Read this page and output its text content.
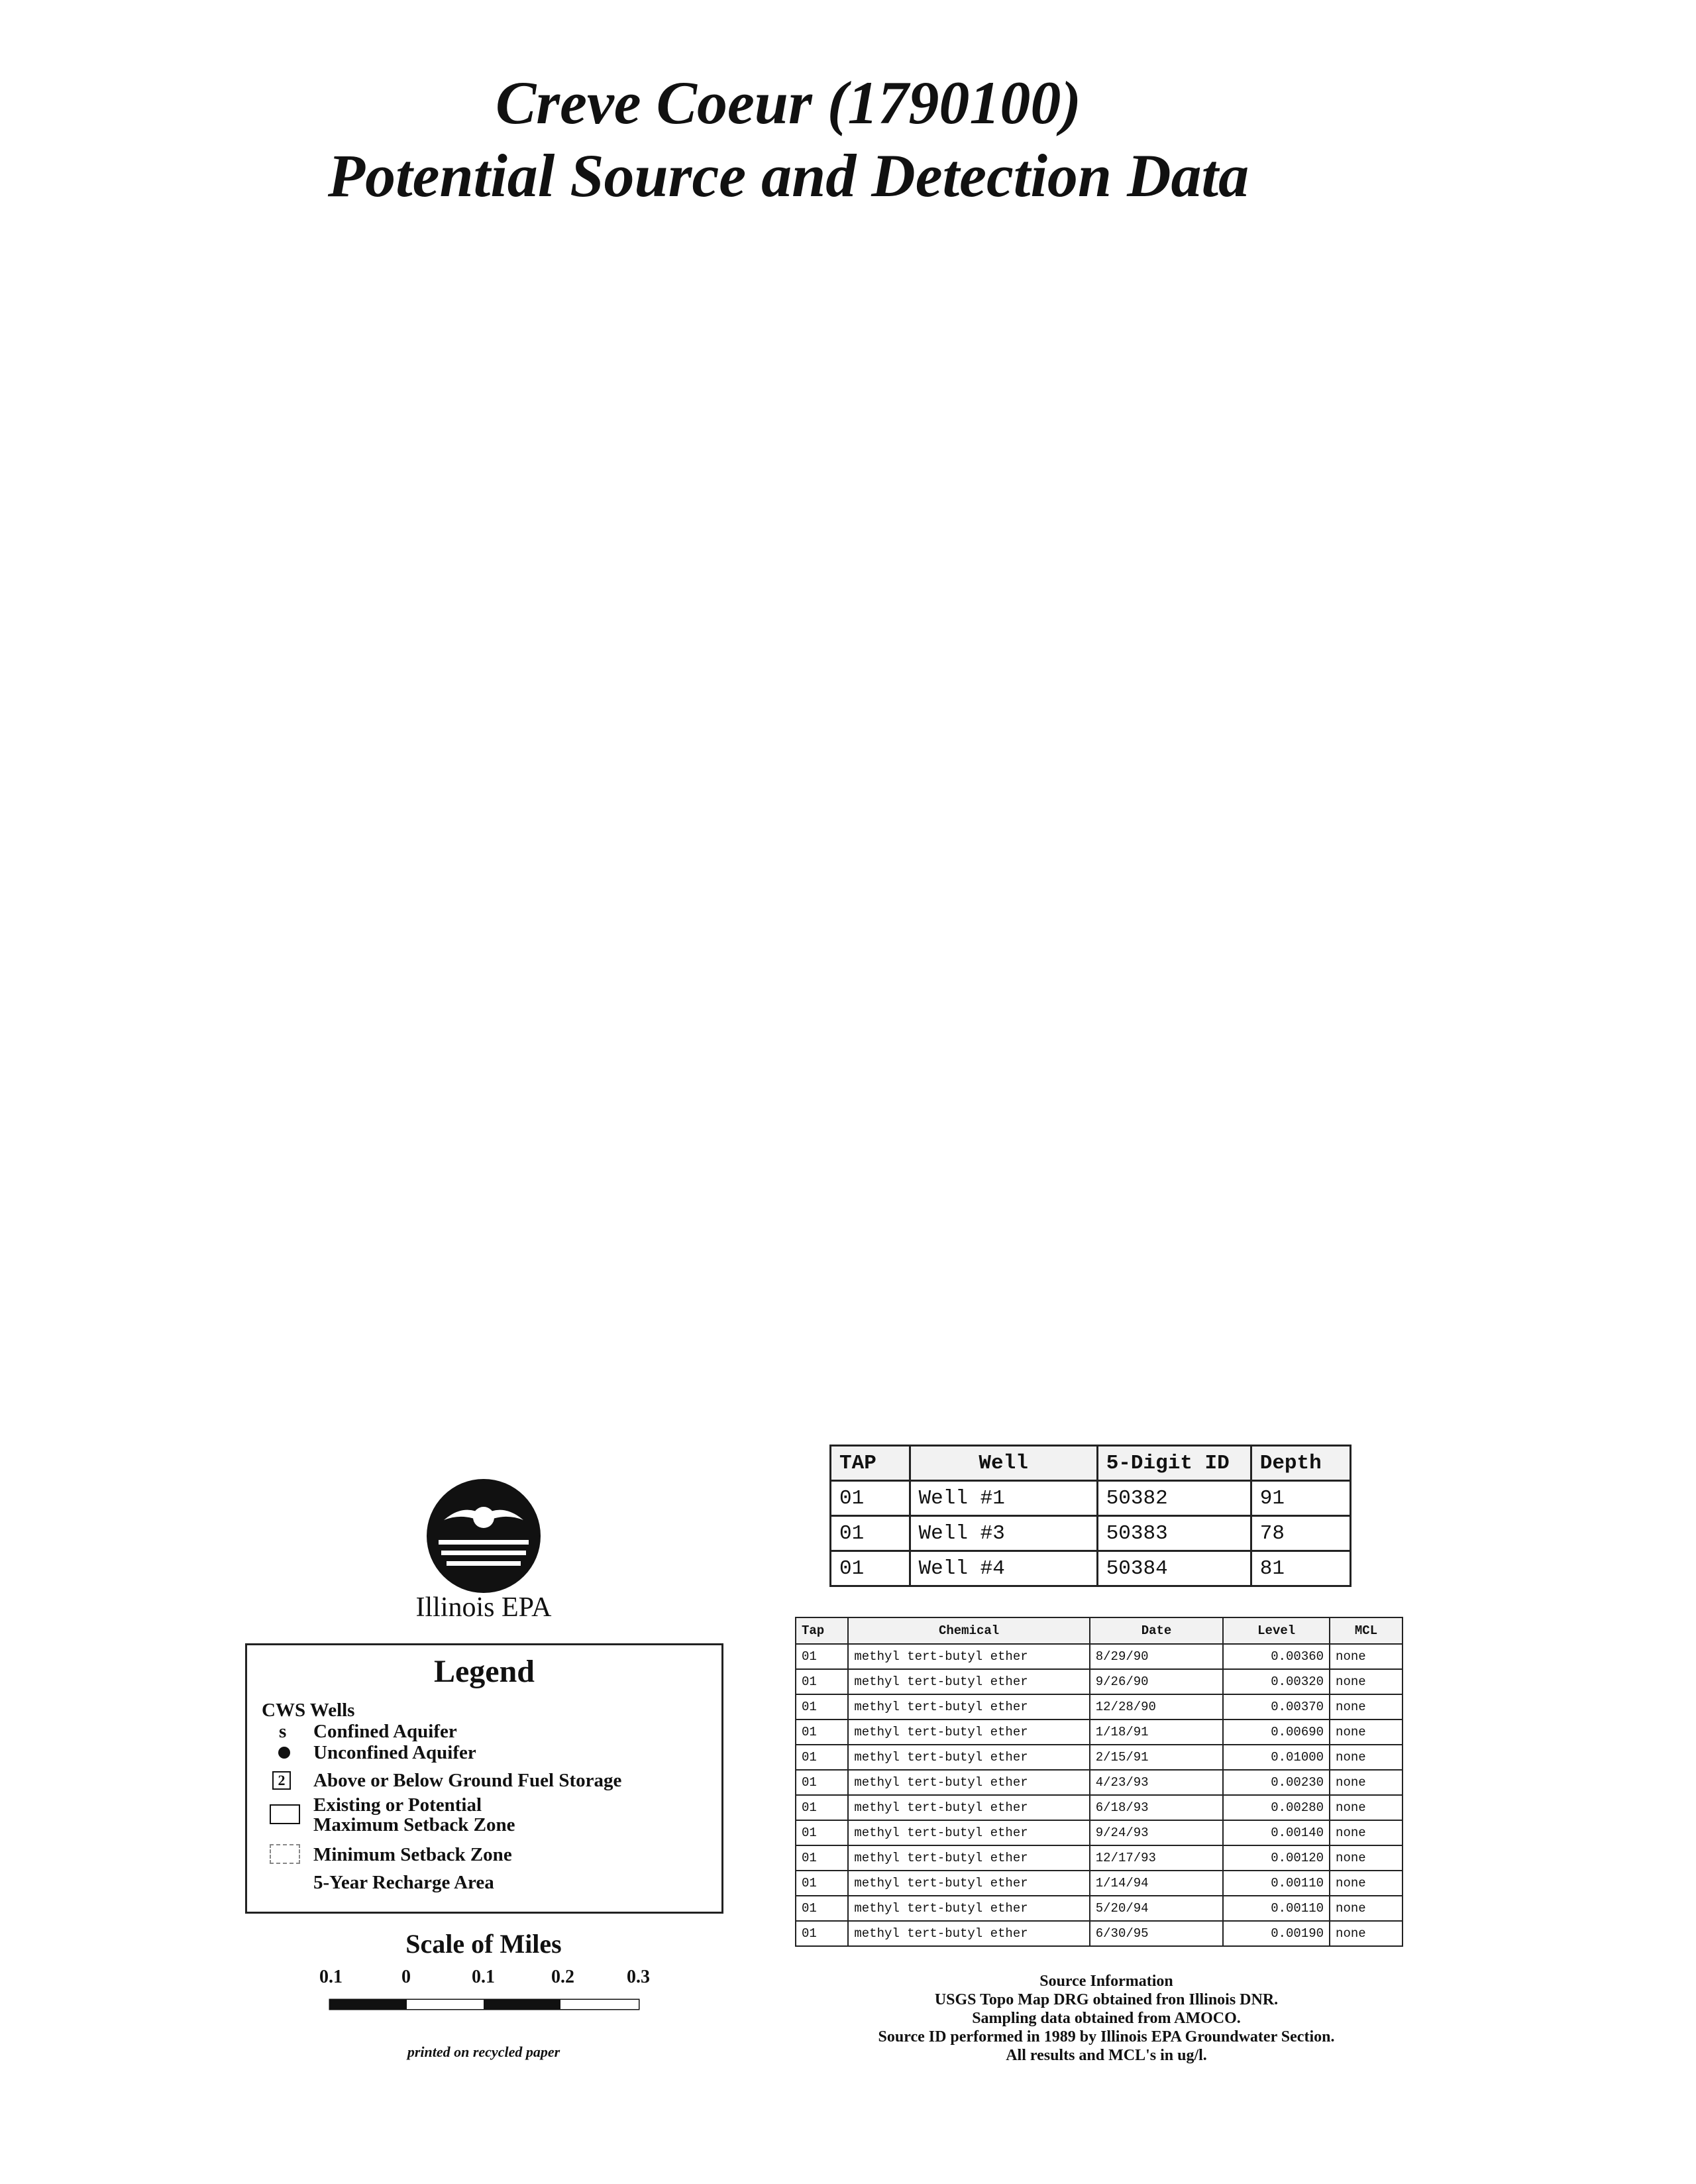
Creve Coeur (1790100)
Potential Source and Detection Data
Illinois EPA
Legend
CWS Wells
s Confined Aquifer
Unconfined Aquifer
2 Above or Below Ground Fuel Storage
Existing or Potential
Maximum Setback Zone
Minimum Setback Zone
5-Year Recharge Area
Scale of Miles
0.1	0	0.1	0.2	0.3
printed on recycled paper
TAP	Well	5-Digit ID	Depth
01	Well #1	50382	91
01	Well #3	50383	78
01	Well #4	50384	81
Tap	Chemical	Date	Level	MCL
01	methyl tert-butyl ether	8/29/90	0.00360	none
01	methyl tert-butyl ether	9/26/90	0.00320	none
01	methyl tert-butyl ether	12/28/90	0.00370	none
01	methyl tert-butyl ether	1/18/91	0.00690	none
01	methyl tert-butyl ether	2/15/91	0.01000	none
01	methyl tert-butyl ether	4/23/93	0.00230	none
01	methyl tert-butyl ether	6/18/93	0.00280	none
01	methyl tert-butyl ether	9/24/93	0.00140	none
01	methyl tert-butyl ether	12/17/93	0.00120	none
01	methyl tert-butyl ether	1/14/94	0.00110	none
01	methyl tert-butyl ether	5/20/94	0.00110	none
01	methyl tert-butyl ether	6/30/95	0.00190	none
Source Information
USGS Topo Map DRG obtained fron Illinois DNR.
Sampling data obtained from AMOCO.
Source ID performed in 1989 by Illinois EPA Groundwater Section.
All results and MCL's in ug/l.
